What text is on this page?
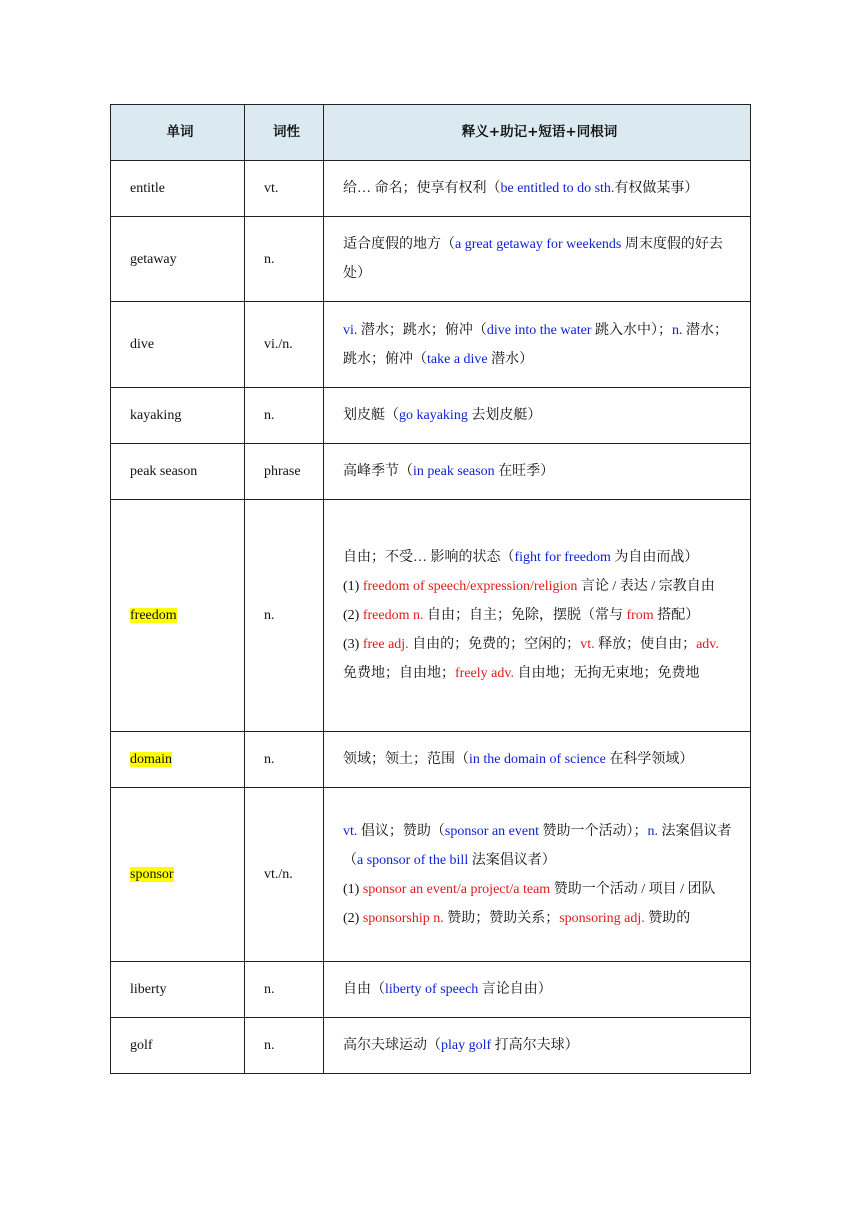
单词	词性	释义+助记+短语+同根词
entitle	vt.	给… 命名；使享有权利（be entitled to do sth.有权做某事）

getaway	n.	适合度假的地方（a great getaway for weekends 周末度假的好去处）

dive	vi./n.	vi. 潜水；跳水；俯冲（dive into the water 跳入水中）；n. 潜水；跳水；俯冲（take a dive 潜水）

kayaking	n.	划皮艇（go kayaking 去划皮艇）

peak season	phrase	高峰季节（in peak season 在旺季）

freedom	n.	自由；不受… 影响的状态（fight for freedom 为自由而战）
(1) freedom of speech/expression/religion 言论 / 表达 / 宗教自由
(2) freedom n. 自由；自主；免除，摆脱（常与 from 搭配）
(3) free adj. 自由的；免费的；空闲的；vt. 释放；使自由；adv. 免费地；自由地；freely adv. 自由地；无拘无束地；免费地

domain	n.	领域；领土；范围（in the domain of science 在科学领域）

sponsor	vt./n.	vt. 倡议；赞助（sponsor an event 赞助一个活动）；n. 法案倡议者（a sponsor of the bill 法案倡议者）
(1) sponsor an event/a project/a team 赞助一个活动 / 项目 / 团队
(2) sponsorship n. 赞助；赞助关系；sponsoring adj. 赞助的

liberty	n.	自由（liberty of speech 言论自由）

golf	n.	高尔夫球运动（play golf 打高尔夫球）
